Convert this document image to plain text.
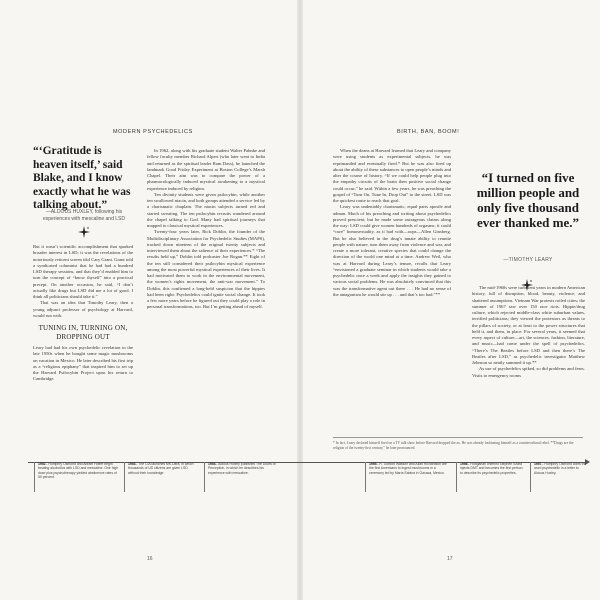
MODERN PSYCHEDELICS	BIRTH, BAN, BOOM!
“‘Gratitude is heaven itself,’ said Blake, and I know exactly what he was talking about.”
—ALDOUS HUXLEY, following his experiences with mescaline and LSD

But it wasn’t scientific accomplishment that sparked broader interest in LSD; it was the revelations of the notoriously reticent screen idol Cary Grant. Grant told a syndicated columnist that he had had a hundred LSD therapy sessions, and that they’d enabled him to turn the concept of “know thyself” into a practical precept. On another occasion, he said, “I don’t actually like drugs but LSD did me a lot of good. I think all politicians should take it.”

That was an idea that Timothy Leary, then a young adjunct professor of psychology at Harvard, would run with.

TUNING IN, TURNING ON, DROPPING OUT

Leary had had his own psychedelic revelation in the late 1950s when he bought some magic mushrooms on vacation in Mexico. He later described his first trip as a “religious epiphany” that inspired him to set up the Harvard Psilocybin Project upon his return to Cambridge.

In 1962, along with his graduate student Walter Pahnke and fellow faculty member Richard Alpert (who later went to India and returned as the spiritual leader Ram Dass), he launched the landmark Good Friday Experiment at Boston College’s Marsh Chapel. Their aim was to compare the power of a pharmacologically induced mystical awakening to a mystical experience induced by religion.

Ten divinity students were given psilocybin, while another ten swallowed niacin, and both groups attended a service led by a charismatic chaplain. The niacin subjects turned red and started sweating. The ten psilocybin recruits wandered around the chapel talking to God. Many had spiritual journeys that mapped to classical mystical experiences.

Twenty-four years later, Rick Doblin, the founder of the Multidisciplinary Association for Psychedelic Studies (MAPS), tracked down nineteen of the original twenty subjects and interviewed them about the salience of their experiences.* “The results held up,” Doblin told podcaster Joe Rogan.** Eight of the ten still considered their psilocybin mystical experience among the most powerful mystical experiences of their lives. It had motivated them to work in the environmental movement, the women’s rights movement, the anti-war movement.” To Doblin, this confirmed a long-held suspicion that the hippies had been right: Psychedelics could ignite social change. It took a few more years before he figured out they could play a role in personal transformations, too. But I’m getting ahead of myself.

When the deans at Harvard learned that Leary and company were using students as experimental subjects, he was reprimanded and eventually fired.* But he was also fired up about the ability of these substances to open people’s minds and alter the course of history. “If we could help people plug into the empathy circuits of the brain then positive social change could occur,” he said. Within a few years, he was preaching the gospel of “Turn On, Tune In, Drop Out” to the street. LSD was the quickest route to reach that goal.

Leary was undeniably charismatic, equal parts apostle and adman. Much of his preaching and writing about psychedelics proved prescient, but he made some outrageous claims along the way: LSD could give women hundreds of orgasms; it could “cure” homosexuality, as it had with—oops—Allen Ginsberg. But he also believed in the drug’s innate ability to reunite people with nature, turn them away from violence and war, and create a more tolerant, creative species that could change the direction of the world one mind at a time. Andrew Weil, who was at Harvard during Leary’s tenure, recalls that Leary “envisioned a graduate seminar in which students would take a psychedelic once a week and apply the insights they gained to various social problems. He was absolutely convinced that this was the transformative agent out there . . . He had no sense of the antagonism he would stir up . . . and that’s too bad.”**

“I turned on five million people and only five thousand ever thanked me.”
—TIMOTHY LEARY

The mid-1960s were turbulent years in modern American history, full of disruption, blood, beauty, violence, and shattered assumptions. Vietnam War protests roiled cities; the summer of 1967 saw over 150 race riots. Hippie/drug culture, which rejected middle-class white suburban values, terrified politicians; they viewed the protestors as threats to the pillars of society, or at least to the power structures that held it, and them, in place. For several years, it seemed that every aspect of culture—art, the sciences, fashion, literature, and music—had come under the spell of psychedelics. “There’s The Beatles before LSD and then there’s The Beatles after LSD,” as psychedelic investigator Matthew Johnson so neatly summed it up.**

As use of psychedelics spiked, so did problems and fears. Visits to emergency rooms

* In fact, Leary declared himself fired on a TV talk show before Harvard dropped the ax. He was already fashioning himself as a countercultural rebel. **Drugs are the religion of the twenty-first century,” he later pronounced.
1952– Humphry Osmond and Abram Hoffer begin treating alcoholics with LSD and mescaline. One high dose plus psychotherapy yielded abstinence rates of 50 percent.
1953– The CIA launches MK-Ultra, in which thousands of US citizens are given LSD without their knowledge.
1954– Aldous Huxley publishes The Doors of Perception, in which he describes his experience with mescaline.
1955– R. Gordon Wasson and Allan Richardson are the first Americans to ingest mushrooms in a ceremony led by María Sabina in Oaxaca, Mexico.
1956– Hungarian chemist Stephen Szára injects DMT and becomes the first person to describe its psychedelic properties.
1957– Humphry Osmond coins the word psychedelic in a letter to Aldous Huxley.
16	17
